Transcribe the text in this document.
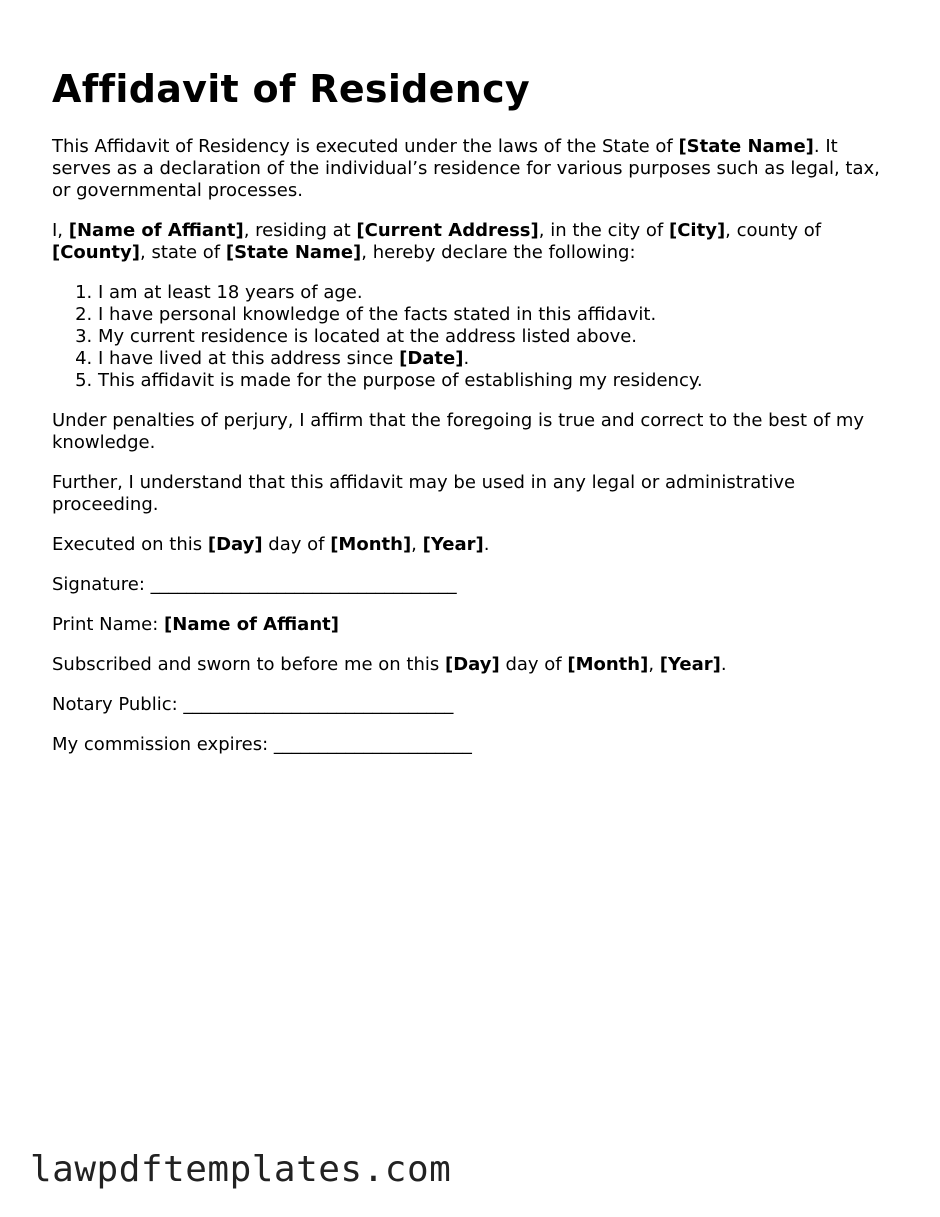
Affidavit of Residency

This Affidavit of Residency is executed under the laws of the State of [State Name]. It serves as a declaration of the individual’s residence for various purposes such as legal, tax, or governmental processes.

I, [Name of Affiant], residing at [Current Address], in the city of [City], county of [County], state of [State Name], hereby declare the following:

1. I am at least 18 years of age.
2. I have personal knowledge of the facts stated in this affidavit.
3. My current residence is located at the address listed above.
4. I have lived at this address since [Date].
5. This affidavit is made for the purpose of establishing my residency.

Under penalties of perjury, I affirm that the foregoing is true and correct to the best of my knowledge.

Further, I understand that this affidavit may be used in any legal or administrative proceeding.

Executed on this [Day] day of [Month], [Year].

Signature: __________________________________

Print Name: [Name of Affiant]

Subscribed and sworn to before me on this [Day] day of [Month], [Year].

Notary Public: ______________________________

My commission expires: ______________________

lawpdftemplates.com
